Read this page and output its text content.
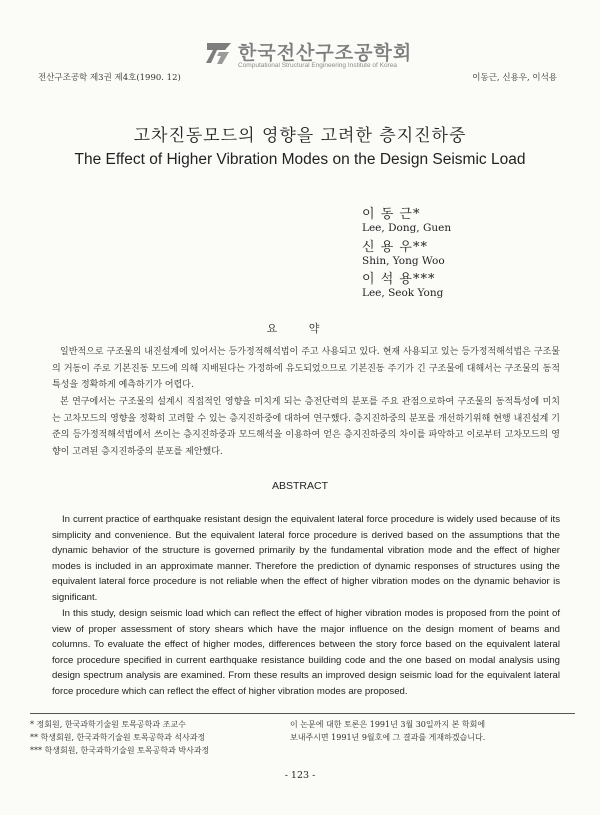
한국전산구조공학회
Computational Structural Engineering Institute of Korea
전산구조공학 제3권 제4호(1990. 12)	이동근, 신용우, 이석용
고차진동모드의 영향을 고려한 층지진하중
The Effect of Higher Vibration Modes on the Design Seismic Load
이 동 근*
Lee, Dong, Guen
신 용 우**
Shin, Yong Woo
이 석 용***
Lee, Seok Yong
요 약
일반적으로 구조물의 내진설계에 있어서는 등가정적해석법이 주고 사용되고 있다. 현재 사용되고 있는 등가정적해석법은 구조물의 거동이 주로 기본진동 모드에 의해 지배된다는 가정하에 유도되었으므로 기본진동 주기가 긴 구조물에 대해서는 구조물의 동적특성을 정확하게 예측하기가 어렵다.
본 연구에서는 구조물의 설계시 직접적인 영향을 미치게 되는 층전단력의 분포를 주요 관점으로하여 구조물의 동적특성에 미치는 고차모드의 영향을 정확히 고려할 수 있는 층지진하중에 대하여 연구했다. 층지진하중의 분포를 개선하기위해 현행 내진설계 기준의 등가정적해석법에서 쓰이는 층지진하중과 모드해석을 이용하여 얻은 층지진하중의 차이를 파악하고 이로부터 고차모드의 영향이 고려된 층지진하중의 분포를 제안했다.
ABSTRACT
In current practice of earthquake resistant design the equivalent lateral force procedure is widely used because of its simplicity and convenience. But the equivalent lateral force procedure is derived based on the assumptions that the dynamic behavior of the structure is governed primarily by the fundamental vibration mode and the effect of higher modes is included in an approximate manner. Therefore the prediction of dynamic responses of structures using the equivalent lateral force procedure is not reliable when the effect of higher vibration modes on the dynamic behavior is significant.
In this study, design seismic load which can reflect the effect of higher vibration modes is proposed from the point of view of proper assessment of story shears which have the major influence on the design moment of beams and columns. To evaluate the effect of higher modes, differences between the story force based on the equivalent lateral force procedure specified in current earthquake resistance building code and the one based on modal analysis using design spectrum analysis are examined. From these results an improved design seismic load for the equivalent lateral force procedure which can reflect the effect of higher vibration modes are proposed.
* 정회원, 한국과학기술원 토목공학과 조교수
** 학생회원, 한국과학기술원 토목공학과 석사과정
*** 학생회원, 한국과학기술원 토목공학과 박사과정
이 논문에 대한 토론은 1991년 3월 30일까지 본 학회에
보내주시면 1991년 9월호에 그 결과를 게재하겠습니다.
- 123 -
